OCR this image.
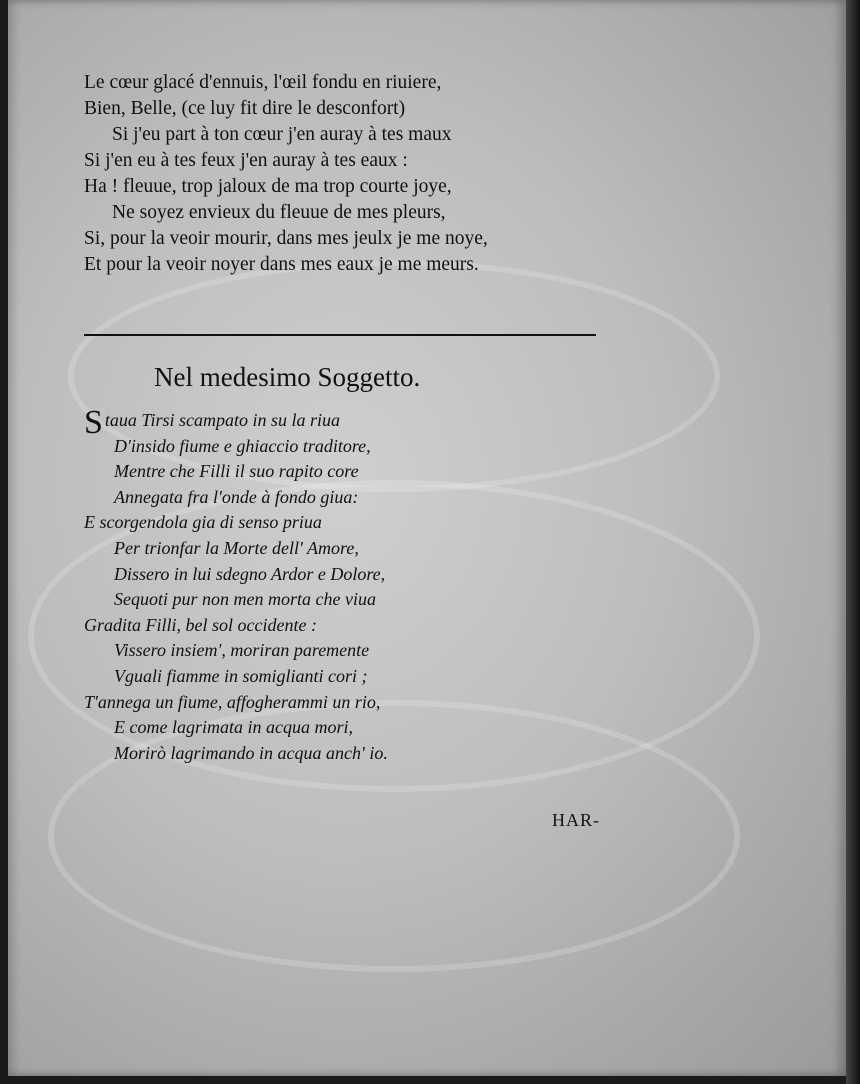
Le cœur glacé d'ennuis, l'œil fondu en riuiere,
Bien, Belle, (ce luy fit dire le desconfort)
Si j'eu part à ton cœur j'en auray à tes maux
Si j'en eu à tes feux j'en auray à tes eaux :
Ha ! fleuue, trop jaloux de ma trop courte joye,
Ne soyez envieux du fleuue de mes pleurs,
Si, pour la veoir mourir, dans mes jeulx je me noye,
Et pour la veoir noyer dans mes eaux je me meurs.
Nel medesimo Soggetto.
Staua Tirsi scampato in su la riua
D'insido fiume e ghiaccio traditore,
Mentre che Filli il suo rapito core
Annegata fra l'onde à fondo giua:
E scorgendola gia di senso priua
Per trionfar la Morte dell' Amore,
Dissero in lui sdegno Ardor e Dolore,
Sequoti pur non men morta che viua
Gradita Filli, bel sol occidente :
Vissero insiem', moriran paremente
Vguali fiamme in somiglianti cori ;
T'annega un fiume, affogherammi un rio,
E come lagrimata in acqua mori,
Morirò lagrimando in acqua anch' io.
HAR-
